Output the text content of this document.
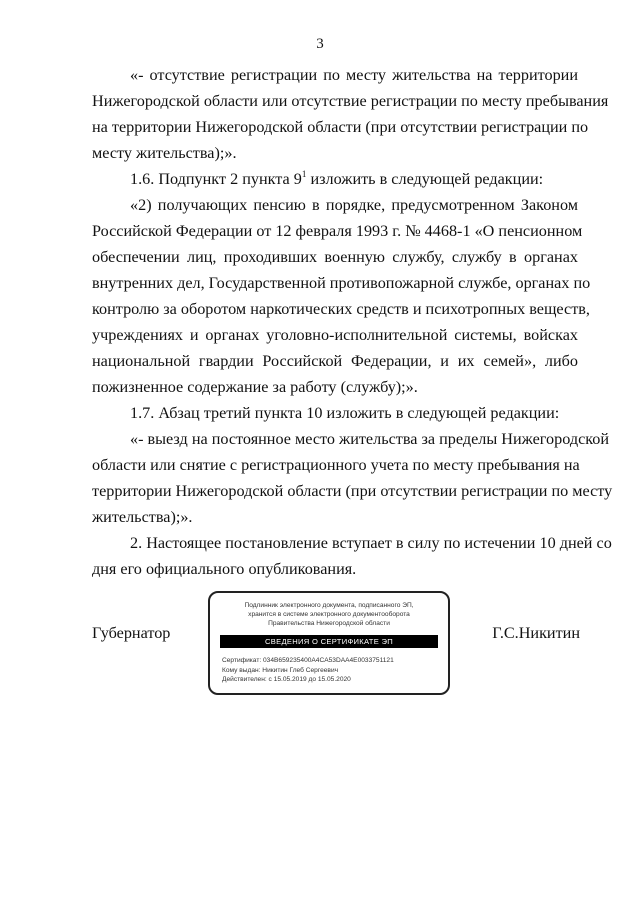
3

«- отсутствие регистрации по месту жительства на территории
Нижегородской области или отсутствие регистрации по месту пребывания
на территории Нижегородской области (при отсутствии регистрации по
месту жительства);».

1.6. Подпункт 2 пункта $9^1$ изложить в следующей редакции:

«2) получающих пенсию в порядке, предусмотренном Законом
Российской Федерации от 12 февраля 1993 г. № 4468-1 «О пенсионном
обеспечении лиц, проходивших военную службу, службу в органах
внутренних дел, Государственной противопожарной службе, органах по
контролю за оборотом наркотических средств и психотропных веществ,
учреждениях и органах уголовно-исполнительной системы, войсках
национальной гвардии Российской Федерации, и их семей», либо
пожизненное содержание за работу (службу);».

1.7. Абзац третий пункта 10 изложить в следующей редакции:

«- выезд на постоянное место жительства за пределы Нижегородской
области или снятие с регистрационного учета по месту пребывания на
территории Нижегородской области (при отсутствии регистрации по месту
жительства);».

2. Настоящее постановление вступает в силу по истечении 10 дней со
дня его официального опубликования.

Губернатор	Г.С.Никитин
Подлинник электронного документа, подписанного ЭП,
хранится в системе электронного документооборота
Правительства Нижегородской области
СВЕДЕНИЯ О СЕРТИФИКАТЕ ЭП
Сертификат: 034B659235400A4CA53DAA4E0033751121
Кому выдан: Никитин Глеб Сергеевич
Действителен: с 15.05.2019 до 15.05.2020
